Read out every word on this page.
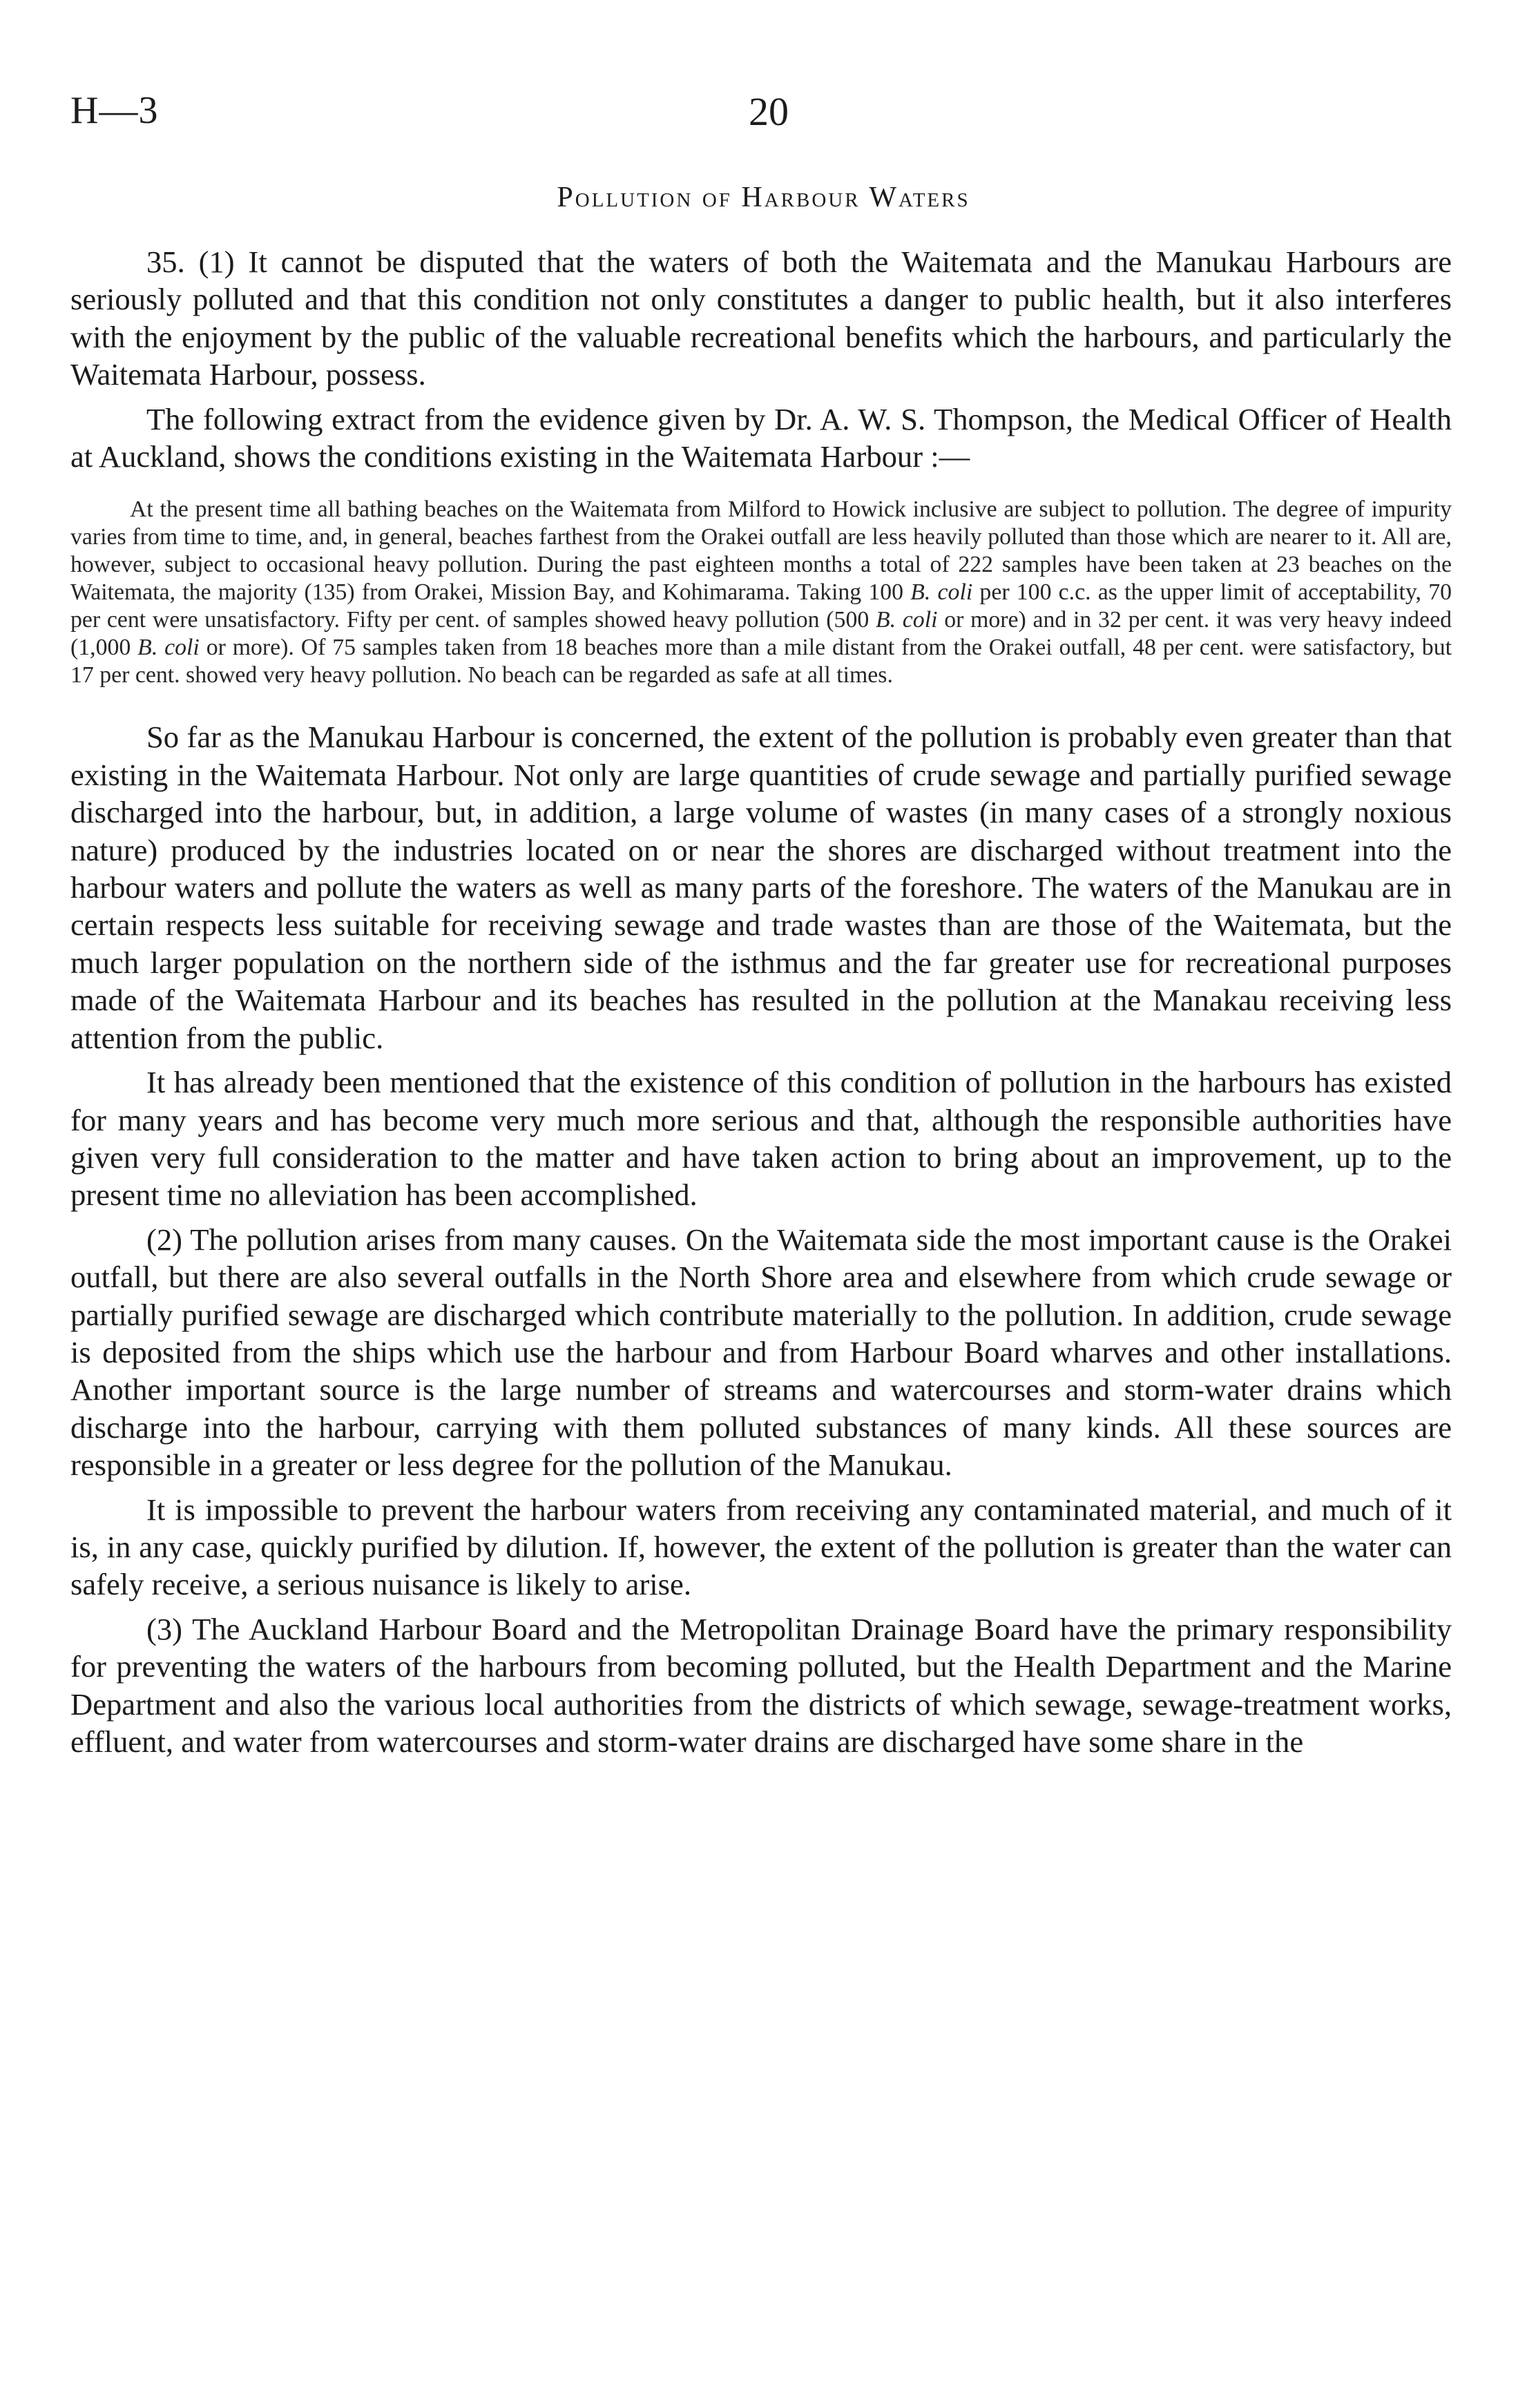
H—3	20
Pollution of Harbour Waters

35. (1) It cannot be disputed that the waters of both the Waitemata and the Manukau Harbours are seriously polluted and that this condition not only constitutes a danger to public health, but it also interferes with the enjoyment by the public of the valuable recreational benefits which the harbours, and particularly the Waitemata Harbour, possess.

The following extract from the evidence given by Dr. A. W. S. Thompson, the Medical Officer of Health at Auckland, shows the conditions existing in the Waitemata Harbour :—

At the present time all bathing beaches on the Waitemata from Milford to Howick inclusive are subject to pollution. The degree of impurity varies from time to time, and, in general, beaches farthest from the Orakei outfall are less heavily polluted than those which are nearer to it. All are, however, subject to occasional heavy pollution. During the past eighteen months a total of 222 samples have been taken at 23 beaches on the Waitemata, the majority (135) from Orakei, Mission Bay, and Kohimarama. Taking 100 B. coli per 100 c.c. as the upper limit of acceptability, 70 per cent were unsatisfactory. Fifty per cent. of samples showed heavy pollution (500 B. coli or more) and in 32 per cent. it was very heavy indeed (1,000 B. coli or more). Of 75 samples taken from 18 beaches more than a mile distant from the Orakei outfall, 48 per cent. were satisfactory, but 17 per cent. showed very heavy pollution. No beach can be regarded as safe at all times.

So far as the Manukau Harbour is concerned, the extent of the pollution is probably even greater than that existing in the Waitemata Harbour. Not only are large quantities of crude sewage and partially purified sewage discharged into the harbour, but, in addition, a large volume of wastes (in many cases of a strongly noxious nature) produced by the industries located on or near the shores are discharged without treatment into the harbour waters and pollute the waters as well as many parts of the foreshore. The waters of the Manukau are in certain respects less suitable for receiving sewage and trade wastes than are those of the Waitemata, but the much larger population on the northern side of the isthmus and the far greater use for recreational purposes made of the Waitemata Harbour and its beaches has resulted in the pollution at the Manakau receiving less attention from the public.

It has already been mentioned that the existence of this condition of pollution in the harbours has existed for many years and has become very much more serious and that, although the responsible authorities have given very full consideration to the matter and have taken action to bring about an improvement, up to the present time no alleviation has been accomplished.

(2) The pollution arises from many causes. On the Waitemata side the most important cause is the Orakei outfall, but there are also several outfalls in the North Shore area and elsewhere from which crude sewage or partially purified sewage are discharged which contribute materially to the pollution. In addition, crude sewage is deposited from the ships which use the harbour and from Harbour Board wharves and other installations. Another important source is the large number of streams and watercourses and storm-water drains which discharge into the harbour, carrying with them polluted substances of many kinds. All these sources are responsible in a greater or less degree for the pollution of the Manukau.

It is impossible to prevent the harbour waters from receiving any contaminated material, and much of it is, in any case, quickly purified by dilution. If, however, the extent of the pollution is greater than the water can safely receive, a serious nuisance is likely to arise.

(3) The Auckland Harbour Board and the Metropolitan Drainage Board have the primary responsibility for preventing the waters of the harbours from becoming polluted, but the Health Department and the Marine Department and also the various local authorities from the districts of which sewage, sewage-treatment works, effluent, and water from watercourses and storm-water drains are discharged have some share in the
